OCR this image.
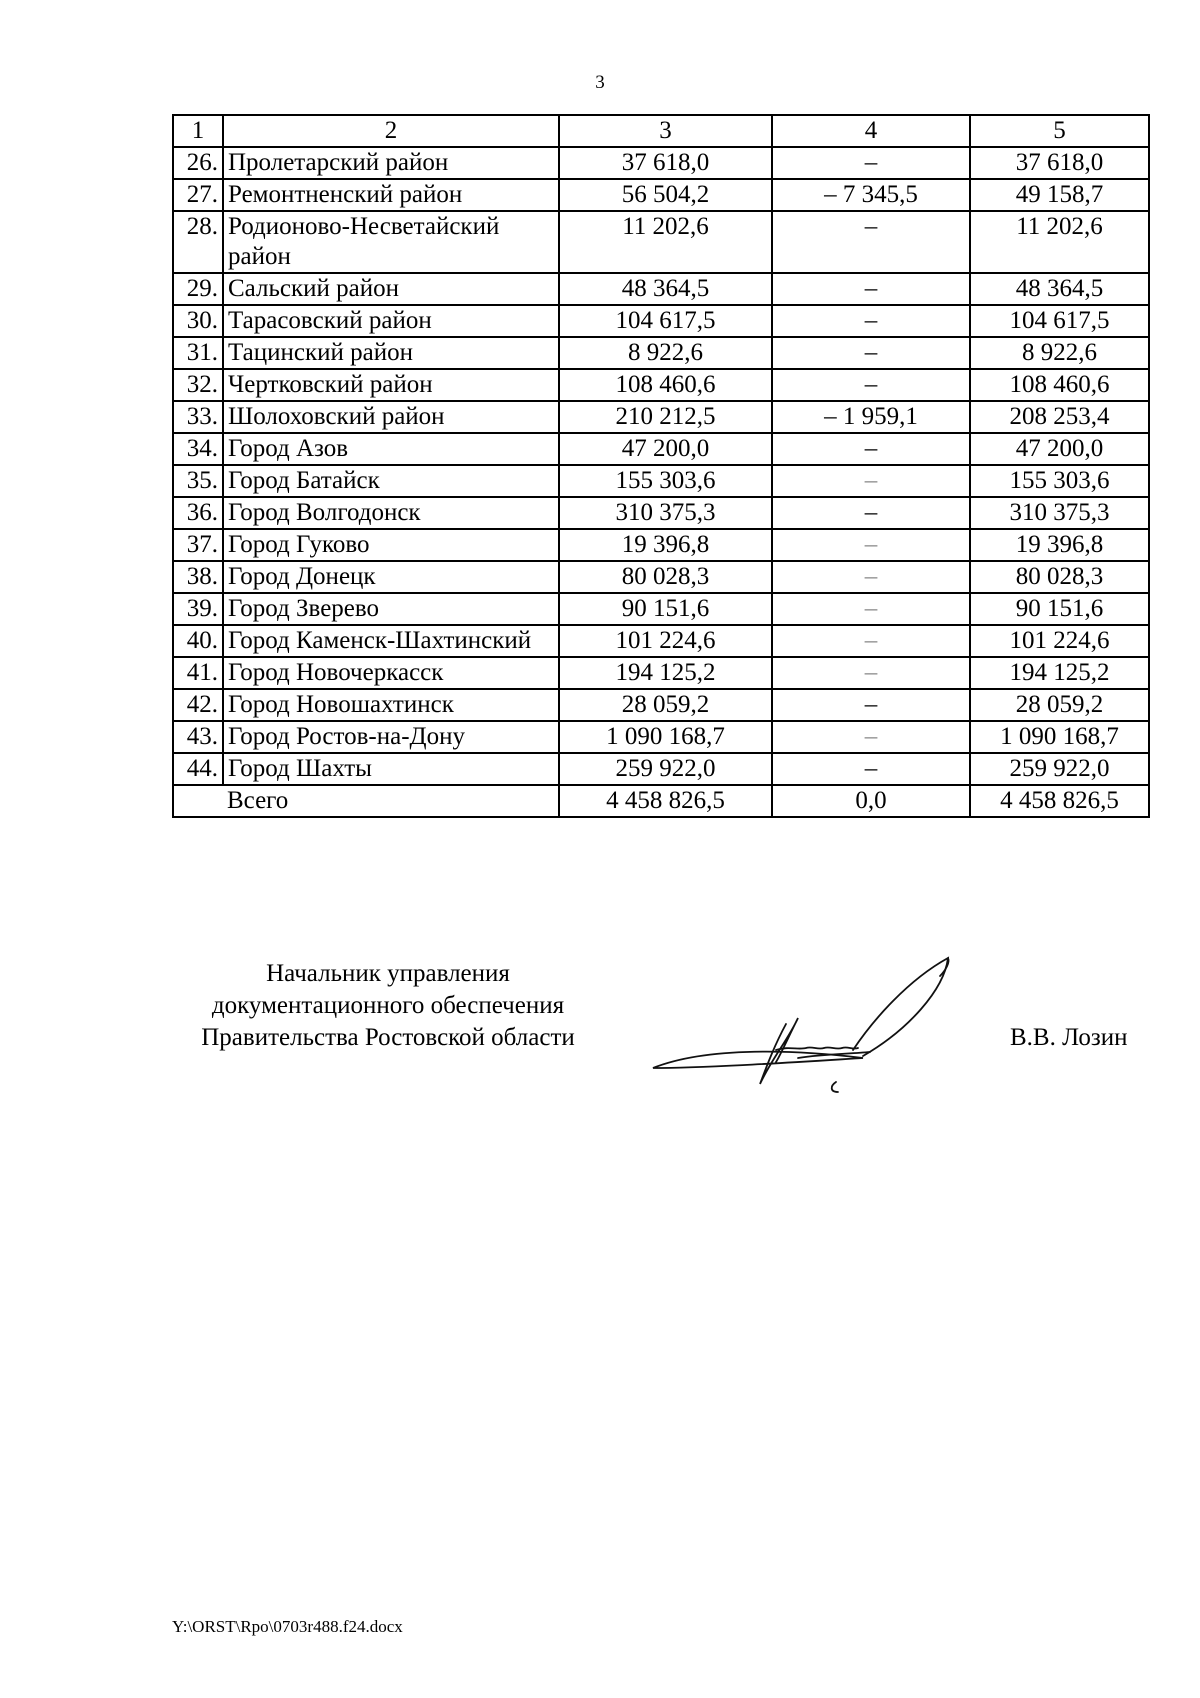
3
1	2	3	4	5
26.	Пролетарский район	37 618,0	–	37 618,0
27.	Ремонтненский район	56 504,2	– 7 345,5	49 158,7
28.	Родионово-Несветайский район	11 202,6	–	11 202,6
29.	Сальский район	48 364,5	–	48 364,5
30.	Тарасовский район	104 617,5	–	104 617,5
31.	Тацинский район	8 922,6	–	8 922,6
32.	Чертковский район	108 460,6	–	108 460,6
33.	Шолоховский район	210 212,5	– 1 959,1	208 253,4
34.	Город Азов	47 200,0	–	47 200,0
35.	Город Батайск	155 303,6	–	155 303,6
36.	Город Волгодонск	310 375,3	–	310 375,3
37.	Город Гуково	19 396,8	–	19 396,8
38.	Город Донецк	80 028,3	–	80 028,3
39.	Город Зверево	90 151,6	–	90 151,6
40.	Город Каменск-Шахтинский	101 224,6	–	101 224,6
41.	Город Новочеркасск	194 125,2	–	194 125,2
42.	Город Новошахтинск	28 059,2	–	28 059,2
43.	Город Ростов-на-Дону	1 090 168,7	–	1 090 168,7
44.	Город Шахты	259 922,0	–	259 922,0
	Всего	4 458 826,5	0,0	4 458 826,5
Начальник управления
документационного обеспечения
Правительства Ростовской области	В.В. Лозин
Y:\ORST\Rpo\0703r488.f24.docx
